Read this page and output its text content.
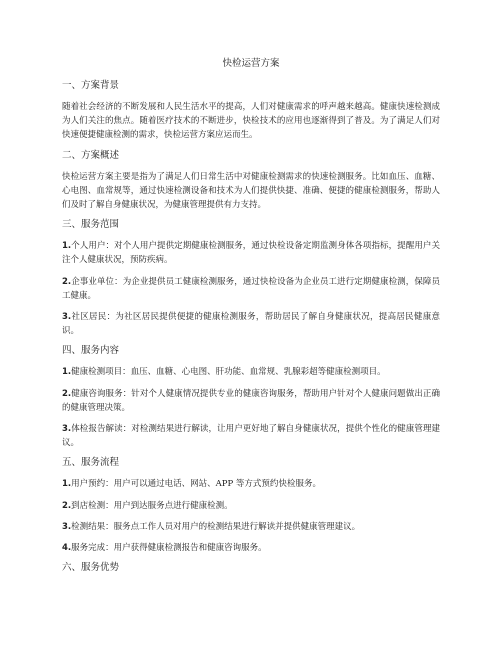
快检运营方案
一、方案背景

随着社会经济的不断发展和人民生活水平的提高，人们对健康需求的呼声越来越高。健康快速检测成为人们关注的焦点。随着医疗技术的不断进步，快检技术的应用也逐渐得到了普及。为了满足人们对快速便捷健康检测的需求，快检运营方案应运而生。

二、方案概述

快检运营方案主要是指为了满足人们日常生活中对健康检测需求的快速检测服务。比如血压、血糖、心电图、血常规等，通过快速检测设备和技术为人们提供快捷、准确、便捷的健康检测服务，帮助人们及时了解自身健康状况，为健康管理提供有力支持。

三、服务范围

1.个人用户：对个人用户提供定期健康检测服务，通过快检设备定期监测身体各项指标，提醒用户关注个人健康状况，预防疾病。

2.企事业单位：为企业提供员工健康检测服务，通过快检设备为企业员工进行定期健康检测，保障员工健康。

3.社区居民：为社区居民提供便捷的健康检测服务，帮助居民了解自身健康状况，提高居民健康意识。

四、服务内容

1.健康检测项目：血压、血糖、心电图、肝功能、血常规、乳腺彩超等健康检测项目。

2.健康咨询服务：针对个人健康情况提供专业的健康咨询服务，帮助用户针对个人健康问题做出正确的健康管理决策。

3.体检报告解读：对检测结果进行解读，让用户更好地了解自身健康状况，提供个性化的健康管理建议。

五、服务流程

1.用户预约：用户可以通过电话、网站、APP 等方式预约快检服务。

2.到店检测：用户到达服务点进行健康检测。

3.检测结果：服务点工作人员对用户的检测结果进行解读并提供健康管理建议。

4.服务完成：用户获得健康检测报告和健康咨询服务。

六、服务优势
